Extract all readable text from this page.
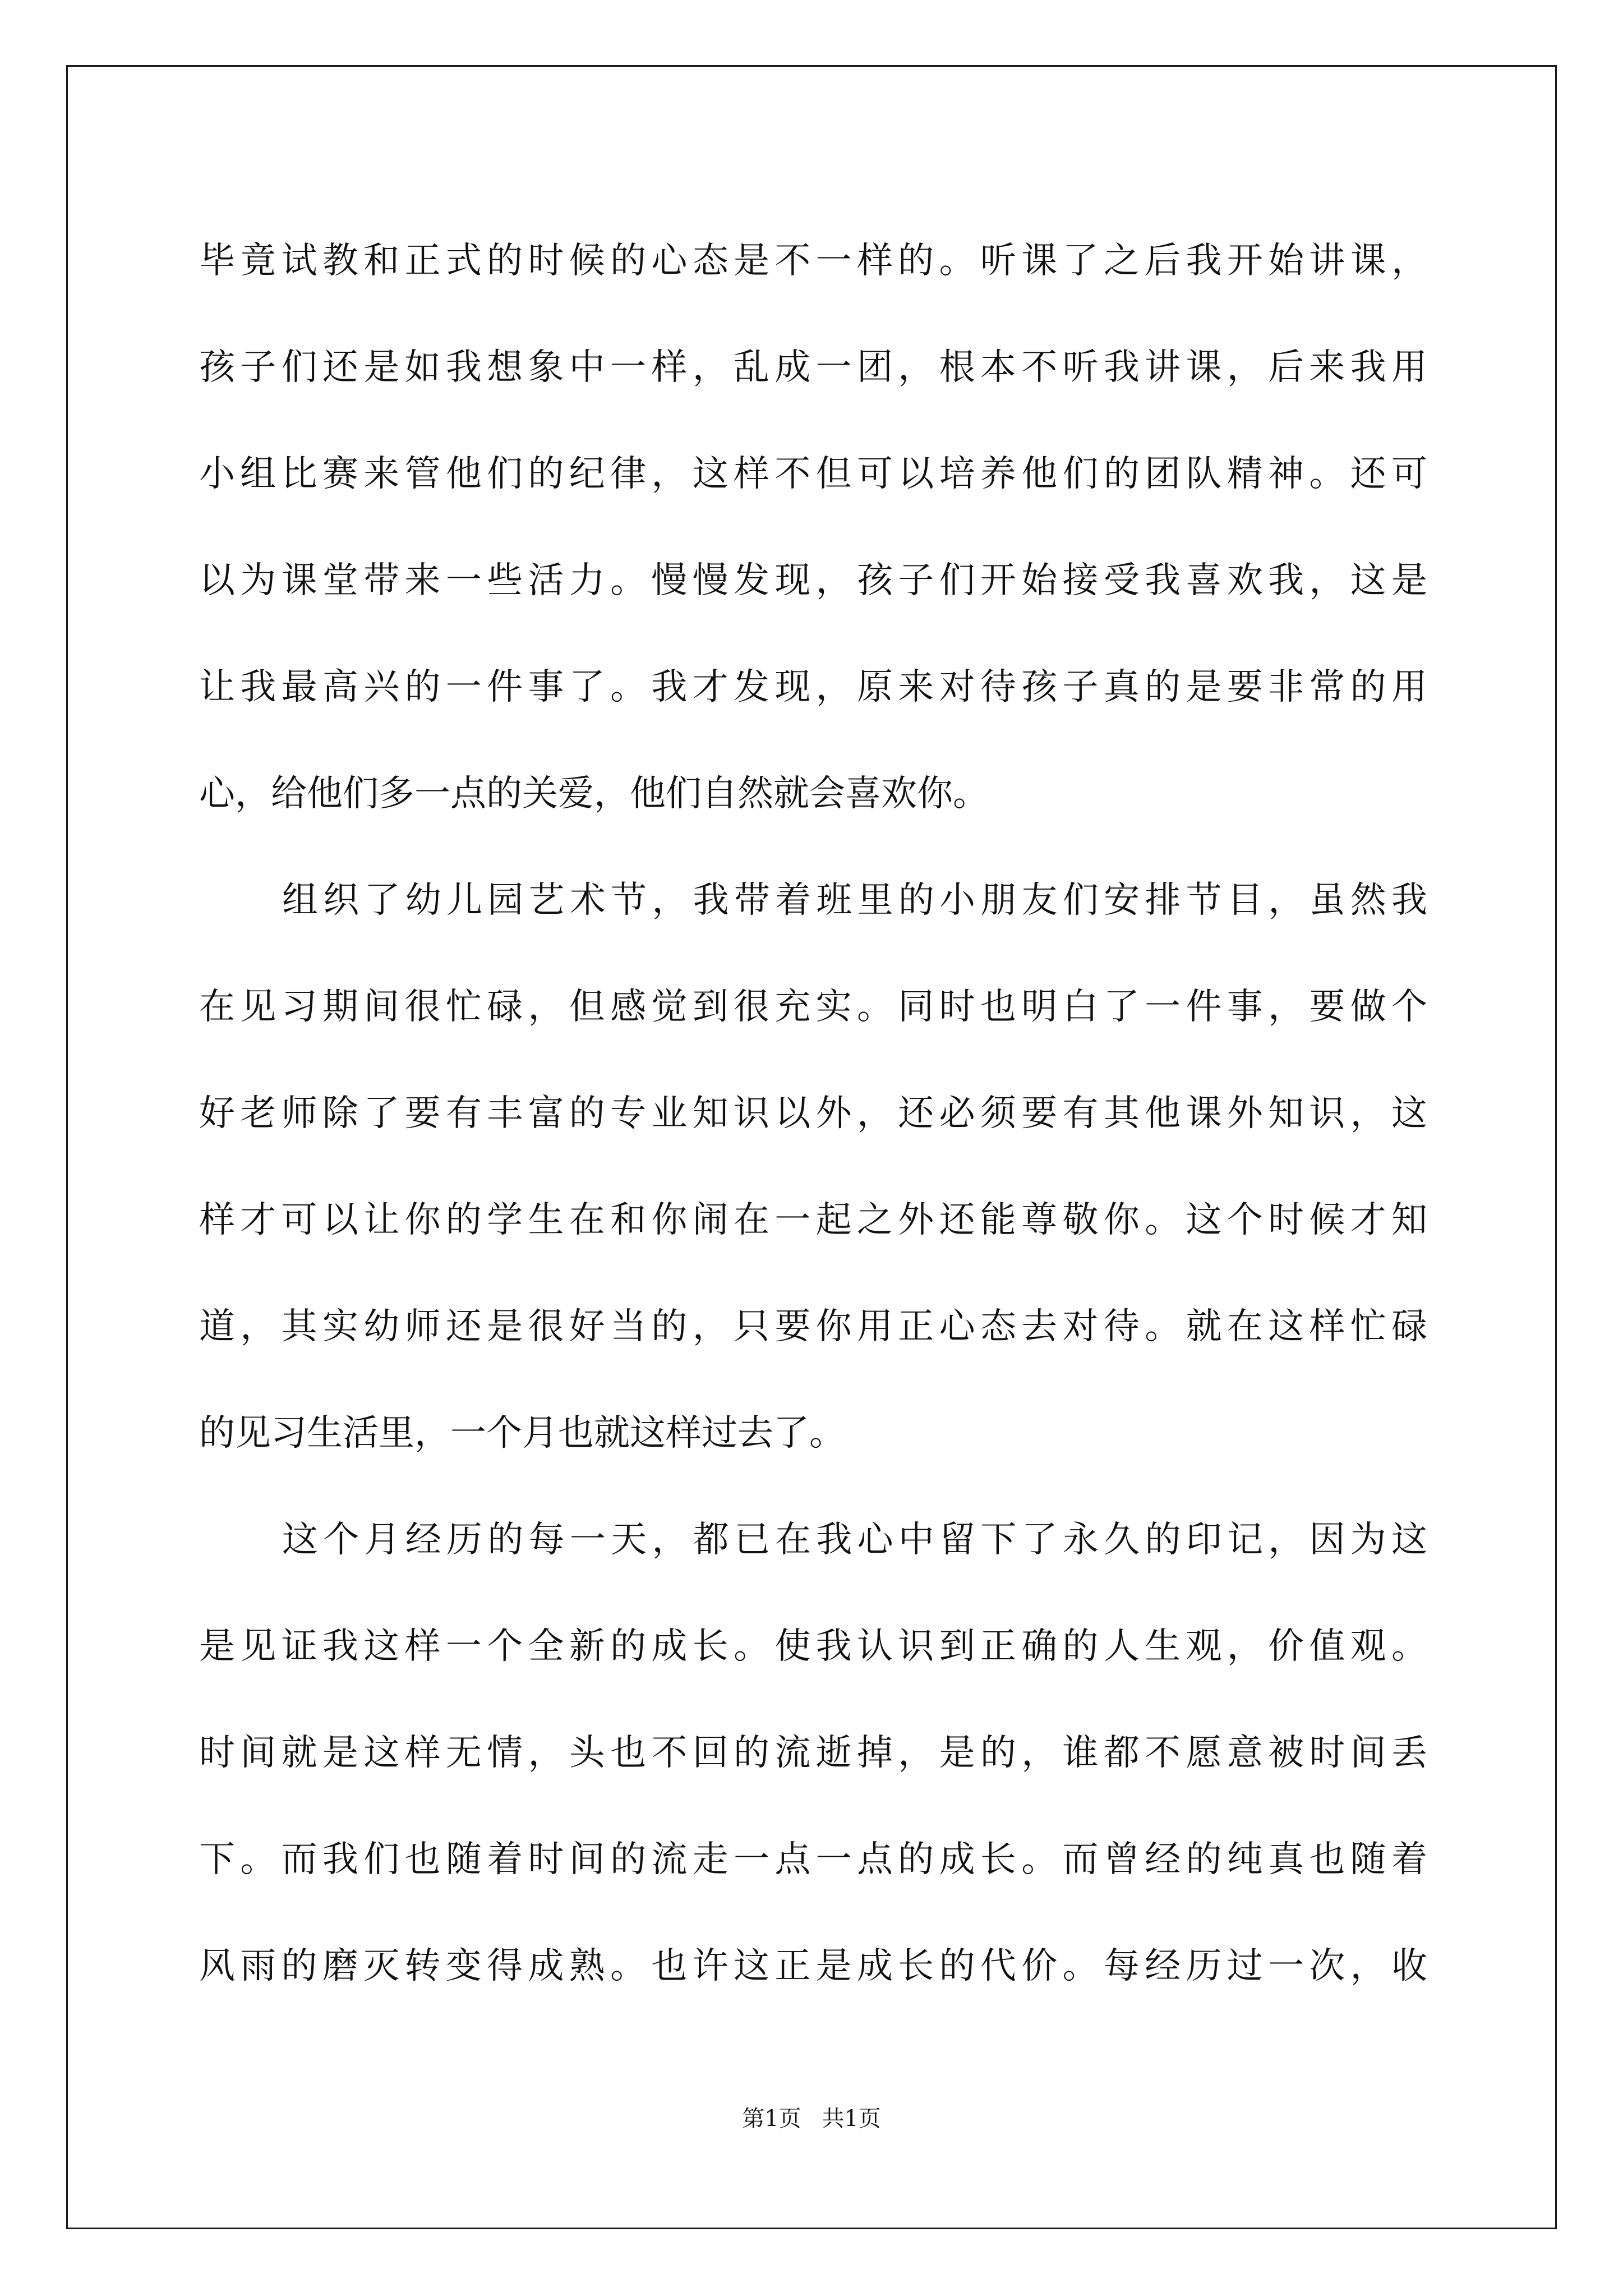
毕竟试教和正式的时候的心态是不一样的。听课了之后我开始讲课，
孩子们还是如我想象中一样，乱成一团，根本不听我讲课，后来我用
小组比赛来管他们的纪律，这样不但可以培养他们的团队精神。还可
以为课堂带来一些活力。慢慢发现，孩子们开始接受我喜欢我，这是
让我最高兴的一件事了。我才发现，原来对待孩子真的是要非常的用
心，给他们多一点的关爱，他们自然就会喜欢你。
组织了幼儿园艺术节，我带着班里的小朋友们安排节目，虽然我
在见习期间很忙碌，但感觉到很充实。同时也明白了一件事，要做个
好老师除了要有丰富的专业知识以外，还必须要有其他课外知识，这
样才可以让你的学生在和你闹在一起之外还能尊敬你。这个时候才知
道，其实幼师还是很好当的，只要你用正心态去对待。就在这样忙碌
的见习生活里，一个月也就这样过去了。
这个月经历的每一天，都已在我心中留下了永久的印记，因为这
是见证我这样一个全新的成长。使我认识到正确的人生观，价值观。
时间就是这样无情，头也不回的流逝掉，是的，谁都不愿意被时间丢
下。而我们也随着时间的流走一点一点的成长。而曾经的纯真也随着
风雨的磨灭转变得成熟。也许这正是成长的代价。每经历过一次，收
第1页 共1页
